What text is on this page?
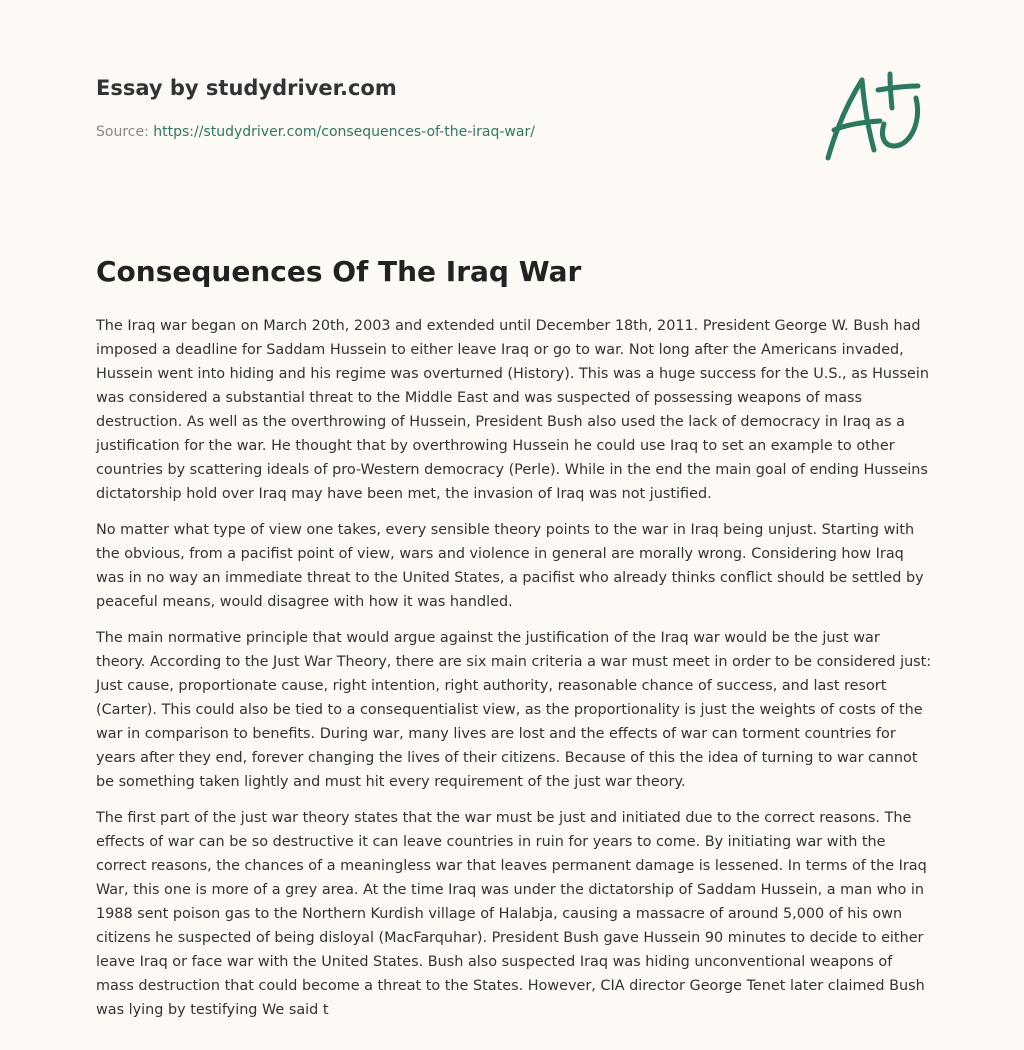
Essay by studydriver.com
Source: https://studydriver.com/consequences-of-the-iraq-war/
Consequences Of The Iraq War

The Iraq war began on March 20th, 2003 and extended until December 18th, 2011. President George W. Bush had imposed a deadline for Saddam Hussein to either leave Iraq or go to war. Not long after the Americans invaded, Hussein went into hiding and his regime was overturned (History). This was a huge success for the U.S., as Hussein was considered a substantial threat to the Middle East and was suspected of possessing weapons of mass destruction. As well as the overthrowing of Hussein, President Bush also used the lack of democracy in Iraq as a justification for the war. He thought that by overthrowing Hussein he could use Iraq to set an example to other countries by scattering ideals of pro-Western democracy (Perle). While in the end the main goal of ending Husseins dictatorship hold over Iraq may have been met, the invasion of Iraq was not justified.

No matter what type of view one takes, every sensible theory points to the war in Iraq being unjust. Starting with the obvious, from a pacifist point of view, wars and violence in general are morally wrong. Considering how Iraq was in no way an immediate threat to the United States, a pacifist who already thinks conflict should be settled by peaceful means, would disagree with how it was handled.

The main normative principle that would argue against the justification of the Iraq war would be the just war theory. According to the Just War Theory, there are six main criteria a war must meet in order to be considered just: Just cause, proportionate cause, right intention, right authority, reasonable chance of success, and last resort (Carter). This could also be tied to a consequentialist view, as the proportionality is just the weights of costs of the war in comparison to benefits. During war, many lives are lost and the effects of war can torment countries for years after they end, forever changing the lives of their citizens. Because of this the idea of turning to war cannot be something taken lightly and must hit every requirement of the just war theory.

The first part of the just war theory states that the war must be just and initiated due to the correct reasons. The effects of war can be so destructive it can leave countries in ruin for years to come. By initiating war with the correct reasons, the chances of a meaningless war that leaves permanent damage is lessened. In terms of the Iraq War, this one is more of a grey area. At the time Iraq was under the dictatorship of Saddam Hussein, a man who in 1988 sent poison gas to the Northern Kurdish village of Halabja, causing a massacre of around 5,000 of his own citizens he suspected of being disloyal (MacFarquhar). President Bush gave Hussein 90 minutes to decide to either leave Iraq or face war with the United States. Bush also suspected Iraq was hiding unconventional weapons of mass destruction that could become a threat to the States. However, CIA director George Tenet later claimed Bush was lying by testifying We said t
